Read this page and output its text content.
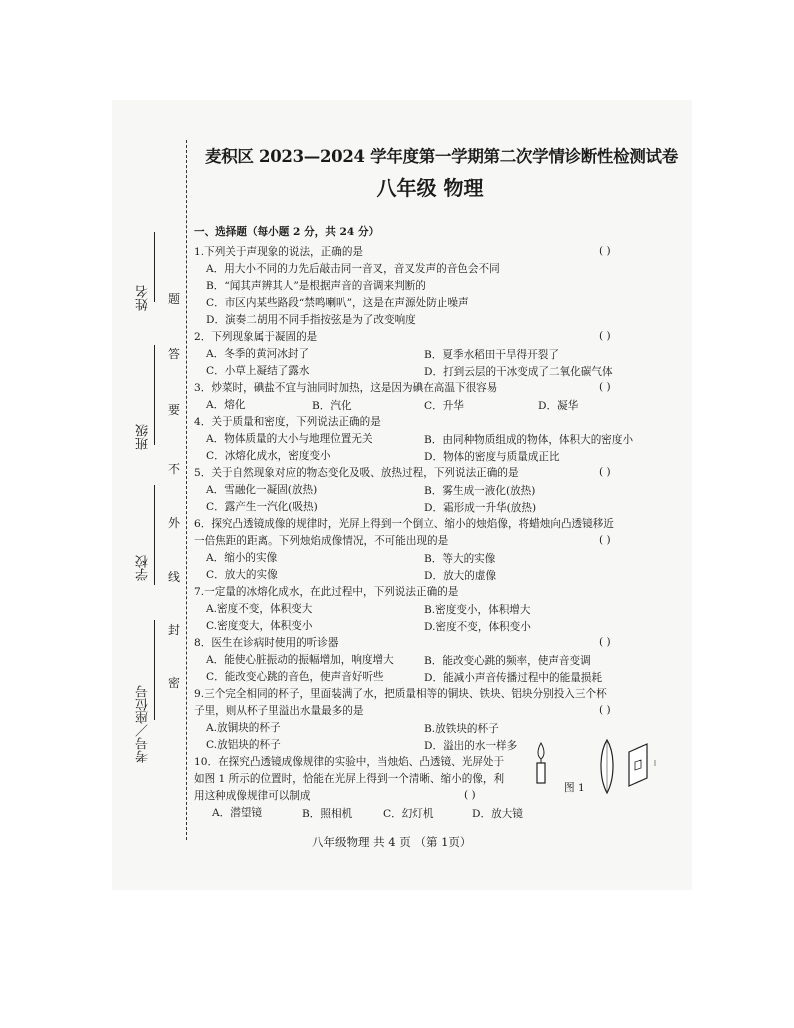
姓名
班级
学校
考号／座位号
题
答
要
不
外
线
封
密
麦积区 2023—2024 学年度第一学期第二次学情诊断性检测试卷
八年级 物理
一、选择题（每小题 2 分，共 24 分）
1.下列关于声现象的说法，正确的是	( )
A．用大小不同的力先后敲击同一音叉，音叉发声的音色会不同
B．“闻其声辨其人”是根据声音的音调来判断的
C．市区内某些路段“禁鸣喇叭”，这是在声源处防止噪声
D．演奏二胡用不同手指按弦是为了改变响度
2．下列现象属于凝固的是	( )
A．冬季的黄河冰封了	B．夏季水稻田干旱得开裂了
C．小草上凝结了露水	D．打到云层的干冰变成了二氧化碳气体
3．炒菜时，碘盐不宜与油同时加热，这是因为碘在高温下很容易	( )
A．熔化	B．汽化	C．升华	D．凝华
4．关于质量和密度，下列说法正确的是
A．物体质量的大小与地理位置无关	B．由同种物质组成的物体，体积大的密度小
C．冰熔化成水，密度变小	D．物体的密度与质量成正比
5．关于自然现象对应的物态变化及吸、放热过程，下列说法正确的是	( )
A．雪融化一凝固(放热)	B．雾生成一液化(放热)
C．露产生一汽化(吸热)	D．霜形成一升华(放热)
6．探究凸透镜成像的规律时，光屏上得到一个倒立、缩小的烛焰像，将蜡烛向凸透镜移近
一倍焦距的距离。下列烛焰成像情况，不可能出现的是	( )
A．缩小的实像	B．等大的实像
C．放大的实像	D．放大的虚像
7.一定量的冰熔化成水，在此过程中，下列说法正确的是
A.密度不变，体积变大	B.密度变小，体积增大
C.密度变大，体积变小	D.密度不变，体积变小
8．医生在诊病时使用的听诊器	( )
A．能使心脏振动的振幅增加，响度增大	B．能改变心跳的频率，使声音变调
C．能改变心跳的音色，使声音好听些	D．能减小声音传播过程中的能量损耗
9.三个完全相同的杯子，里面装满了水，把质量相等的铜块、铁块、铝块分别投入三个杯
子里，则从杯子里溢出水量最多的是	( )
A.放铜块的杯子	B.放铁块的杯子
C.放铝块的杯子	D．溢出的水一样多
10．在探究凸透镜成像规律的实验中，当烛焰、凸透镜、光屏处于
如图 1 所示的位置时，恰能在光屏上得到一个清晰、缩小的像，利
用这种成像规律可以制成	( )
A．潜望镜	B．照相机	C．幻灯机	D．放大镜
图 1
八年级物理 共 4 页 （第 1页）
